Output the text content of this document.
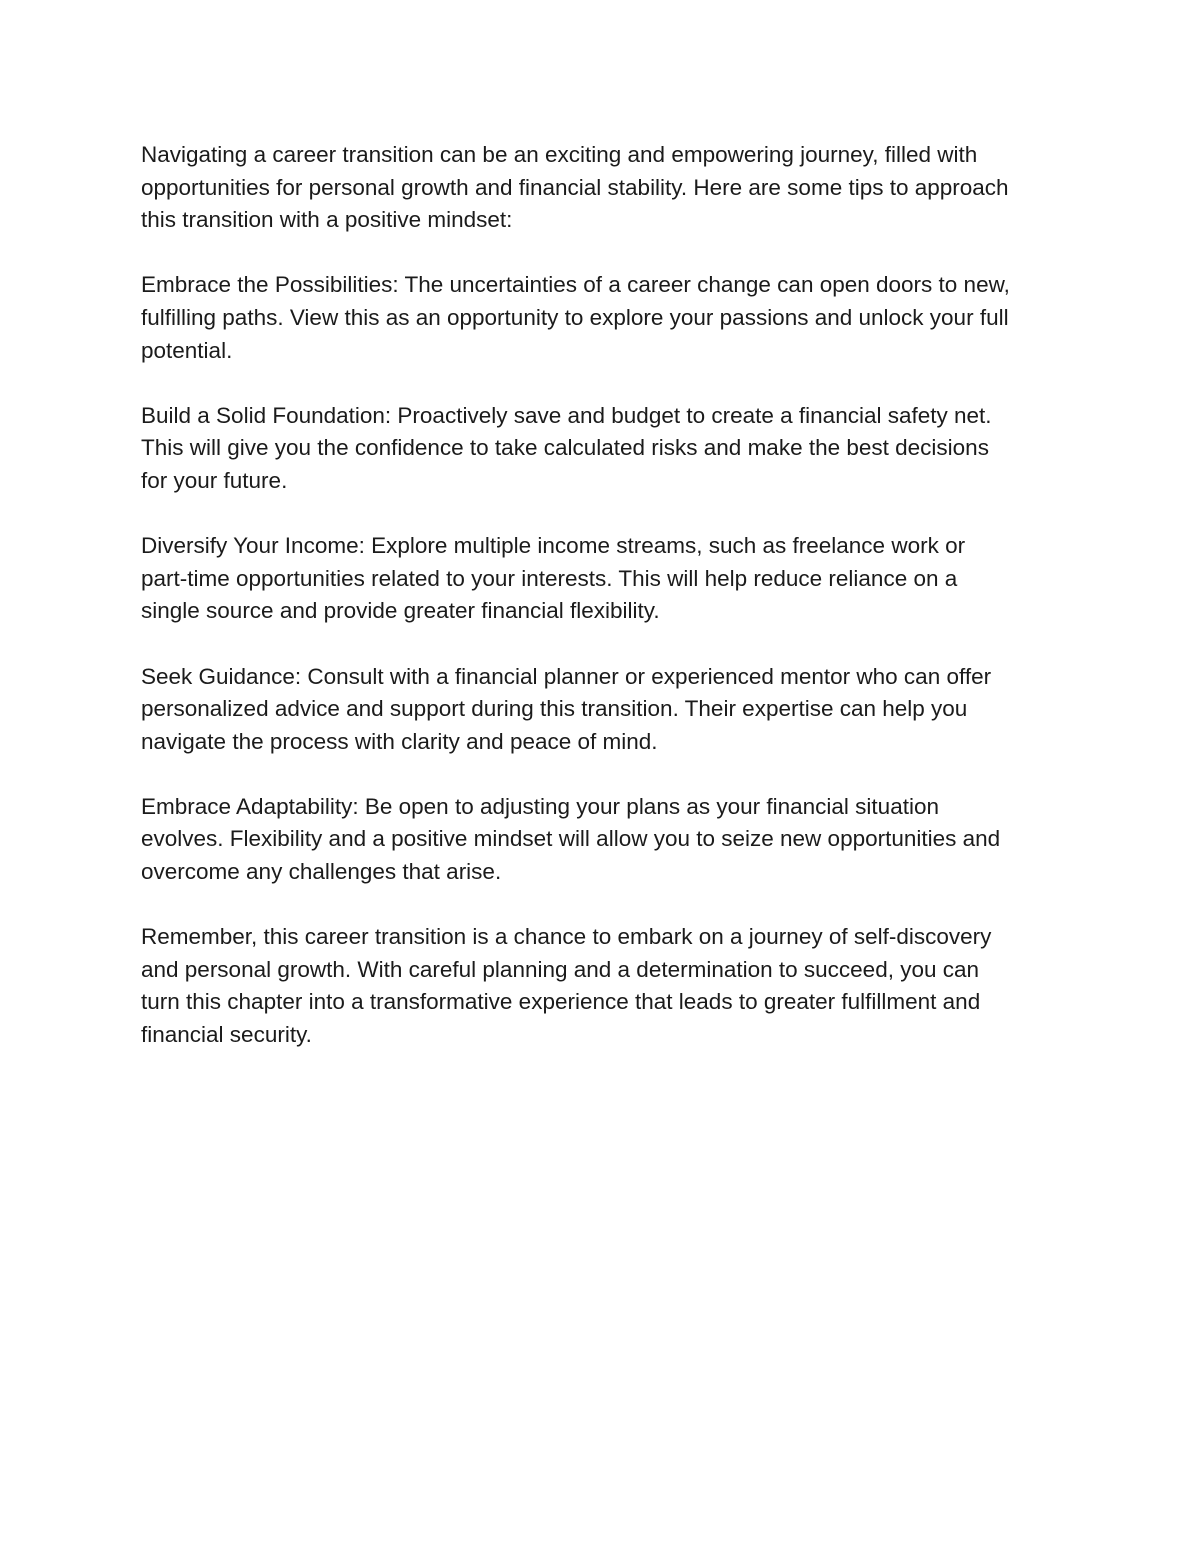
Navigating a career transition can be an exciting and empowering journey, filled with
opportunities for personal growth and financial stability. Here are some tips to approach
this transition with a positive mindset:

Embrace the Possibilities: The uncertainties of a career change can open doors to new,
fulfilling paths. View this as an opportunity to explore your passions and unlock your full
potential.

Build a Solid Foundation: Proactively save and budget to create a financial safety net.
This will give you the confidence to take calculated risks and make the best decisions
for your future.

Diversify Your Income: Explore multiple income streams, such as freelance work or
part-time opportunities related to your interests. This will help reduce reliance on a
single source and provide greater financial flexibility.

Seek Guidance: Consult with a financial planner or experienced mentor who can offer
personalized advice and support during this transition. Their expertise can help you
navigate the process with clarity and peace of mind.

Embrace Adaptability: Be open to adjusting your plans as your financial situation
evolves. Flexibility and a positive mindset will allow you to seize new opportunities and
overcome any challenges that arise.

Remember, this career transition is a chance to embark on a journey of self-discovery
and personal growth. With careful planning and a determination to succeed, you can
turn this chapter into a transformative experience that leads to greater fulfillment and
financial security.
